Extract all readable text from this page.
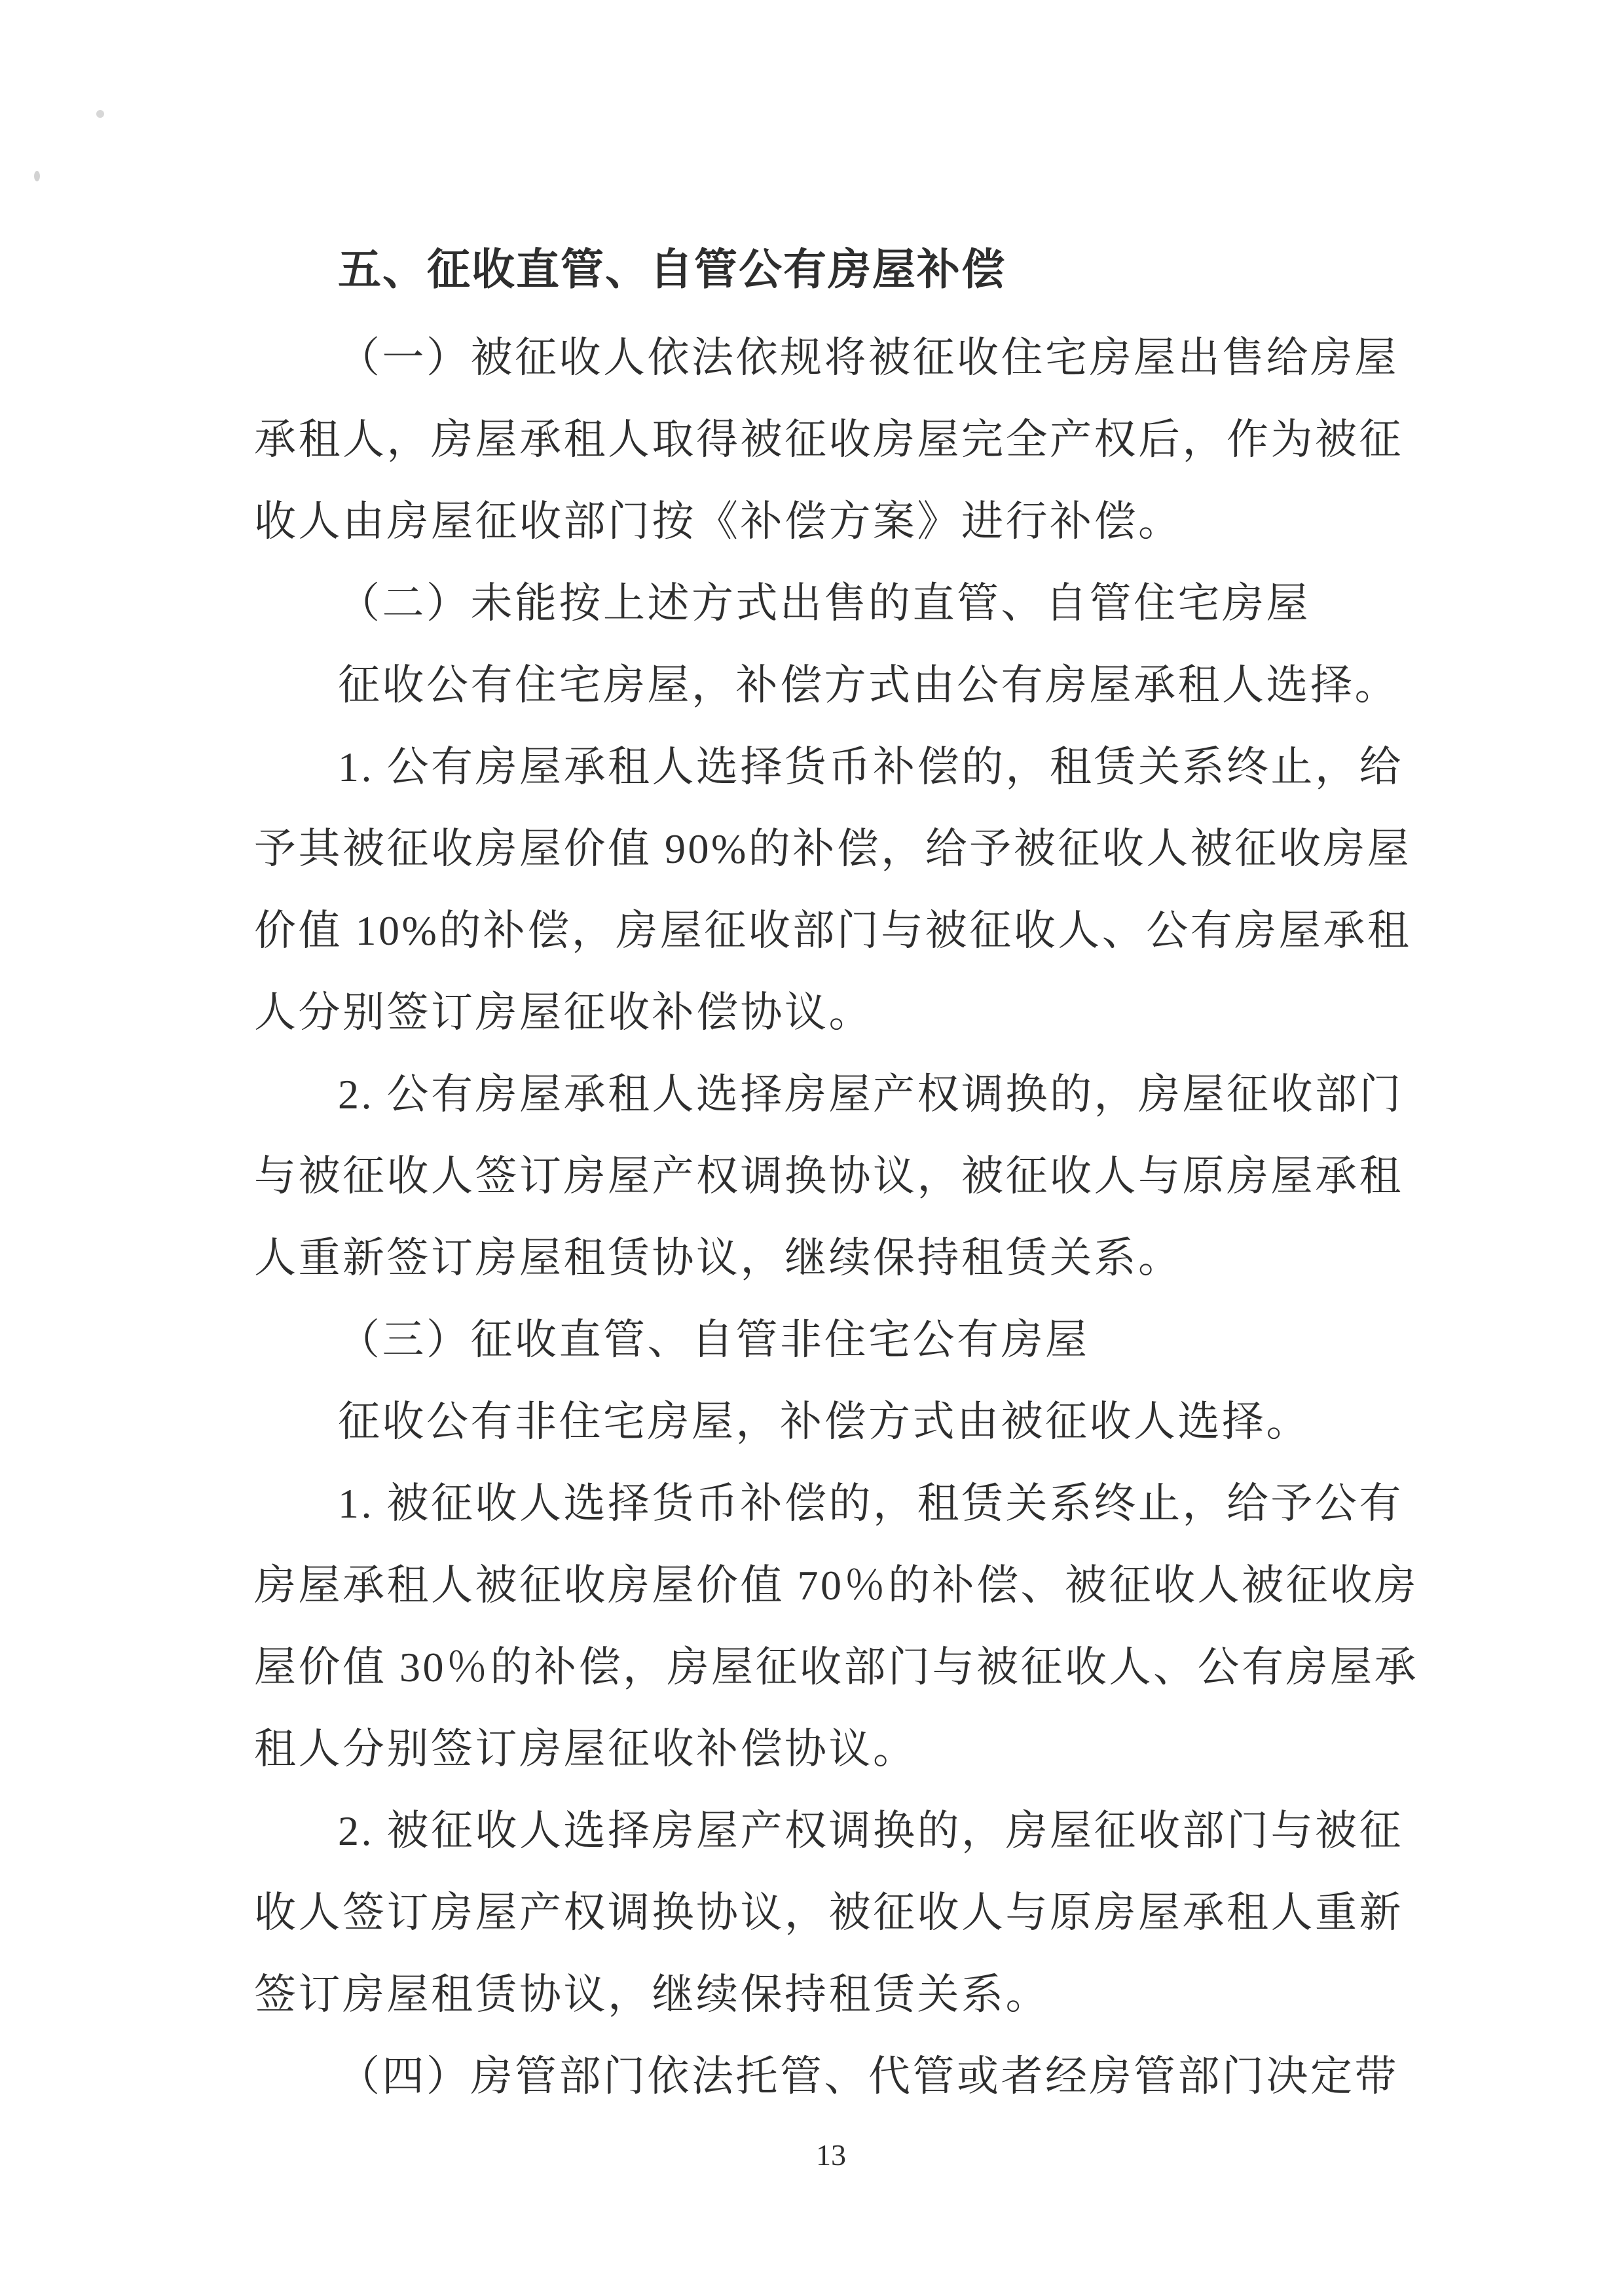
五、征收直管、自管公有房屋补偿
（一）被征收人依法依规将被征收住宅房屋出售给房屋
承租人，房屋承租人取得被征收房屋完全产权后，作为被征
收人由房屋征收部门按《补偿方案》进行补偿。
（二）未能按上述方式出售的直管、自管住宅房屋
征收公有住宅房屋，补偿方式由公有房屋承租人选择。
1. 公有房屋承租人选择货币补偿的，租赁关系终止，给
予其被征收房屋价值 90%的补偿，给予被征收人被征收房屋
价值 10%的补偿，房屋征收部门与被征收人、公有房屋承租
人分别签订房屋征收补偿协议。
2. 公有房屋承租人选择房屋产权调换的，房屋征收部门
与被征收人签订房屋产权调换协议，被征收人与原房屋承租
人重新签订房屋租赁协议，继续保持租赁关系。
（三）征收直管、自管非住宅公有房屋
征收公有非住宅房屋，补偿方式由被征收人选择。
1. 被征收人选择货币补偿的，租赁关系终止，给予公有
房屋承租人被征收房屋价值 70％的补偿、被征收人被征收房
屋价值 30％的补偿，房屋征收部门与被征收人、公有房屋承
租人分别签订房屋征收补偿协议。
2. 被征收人选择房屋产权调换的，房屋征收部门与被征
收人签订房屋产权调换协议，被征收人与原房屋承租人重新
签订房屋租赁协议，继续保持租赁关系。
（四）房管部门依法托管、代管或者经房管部门决定带
13
